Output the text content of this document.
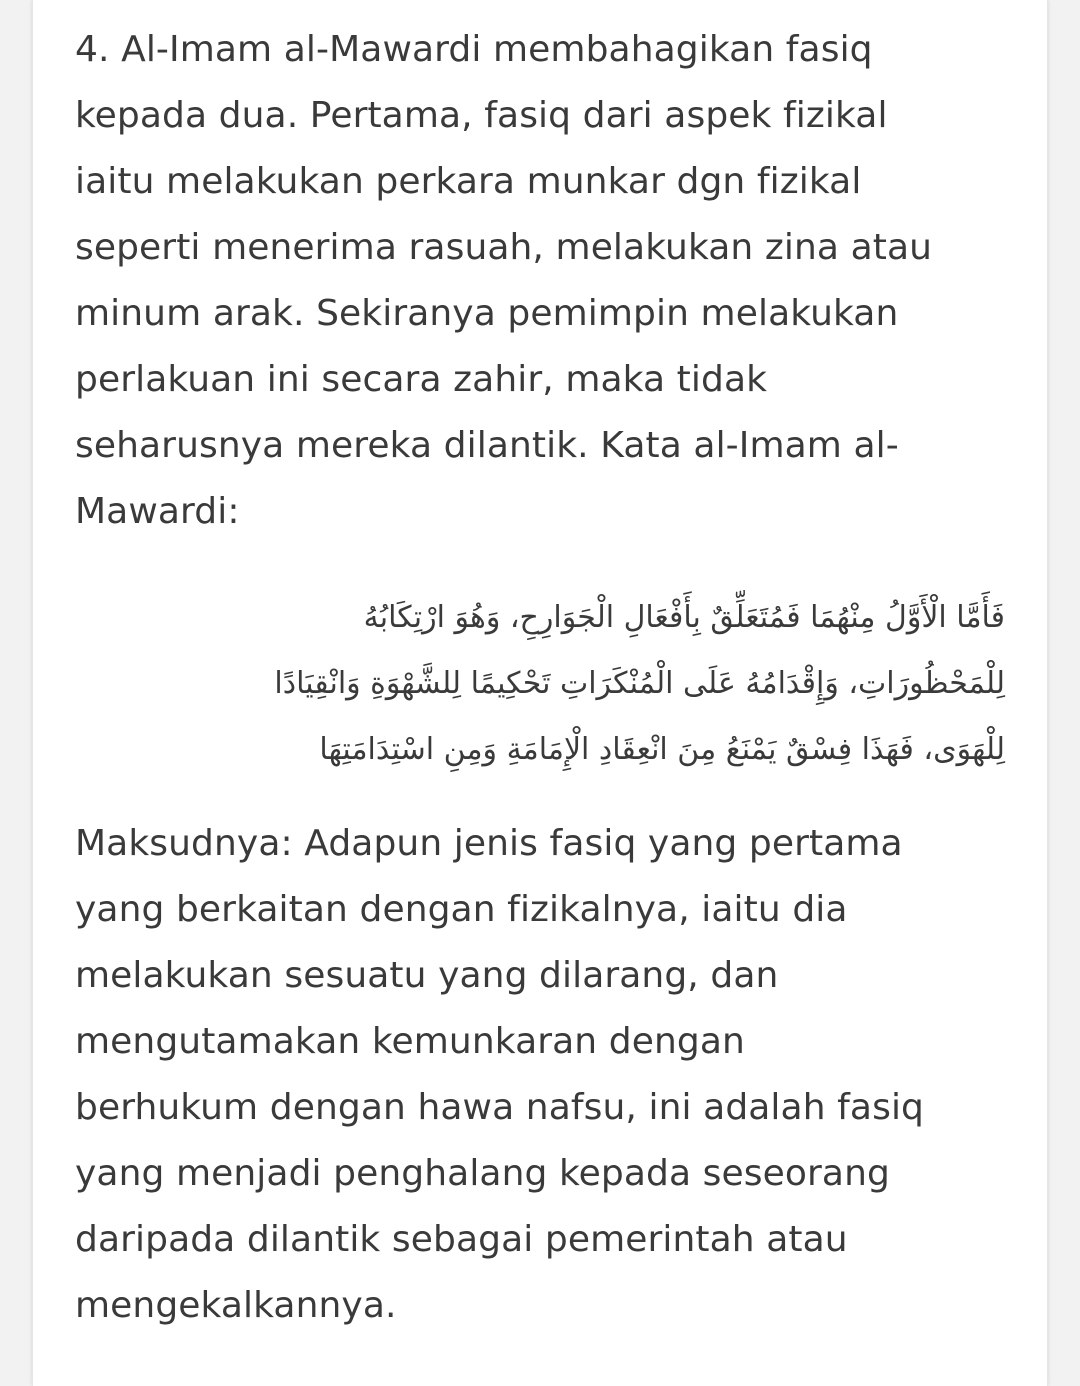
4. Al-Imam al-Mawardi membahagikan fasiq
kepada dua. Pertama, fasiq dari aspek fizikal
iaitu melakukan perkara munkar dgn fizikal
seperti menerima rasuah, melakukan zina atau
minum arak. Sekiranya pemimpin melakukan
perlakuan ini secara zahir, maka tidak
seharusnya mereka dilantik. Kata al-Imam al-
Mawardi:

فَأَمَّا الْأَوَّلُ مِنْهُمَا فَمُتَعَلِّقٌ بِأَفْعَالِ الْجَوَارِحِ، وَهُوَ ارْتِكَابُهُ
لِلْمَحْظُورَاتِ، وَإِقْدَامُهُ عَلَى الْمُنْكَرَاتِ تَحْكِيمًا لِلشَّهْوَةِ وَانْقِيَادًا
لِلْهَوَى، فَهَذَا فِسْقٌ يَمْنَعُ مِنَ انْعِقَادِ الْإِمَامَةِ وَمِنِ اسْتِدَامَتِهَا

Maksudnya: Adapun jenis fasiq yang pertama
yang berkaitan dengan fizikalnya, iaitu dia
melakukan sesuatu yang dilarang, dan
mengutamakan kemunkaran dengan
berhukum dengan hawa nafsu, ini adalah fasiq
yang menjadi penghalang kepada seseorang
daripada dilantik sebagai pemerintah atau
mengekalkannya.
